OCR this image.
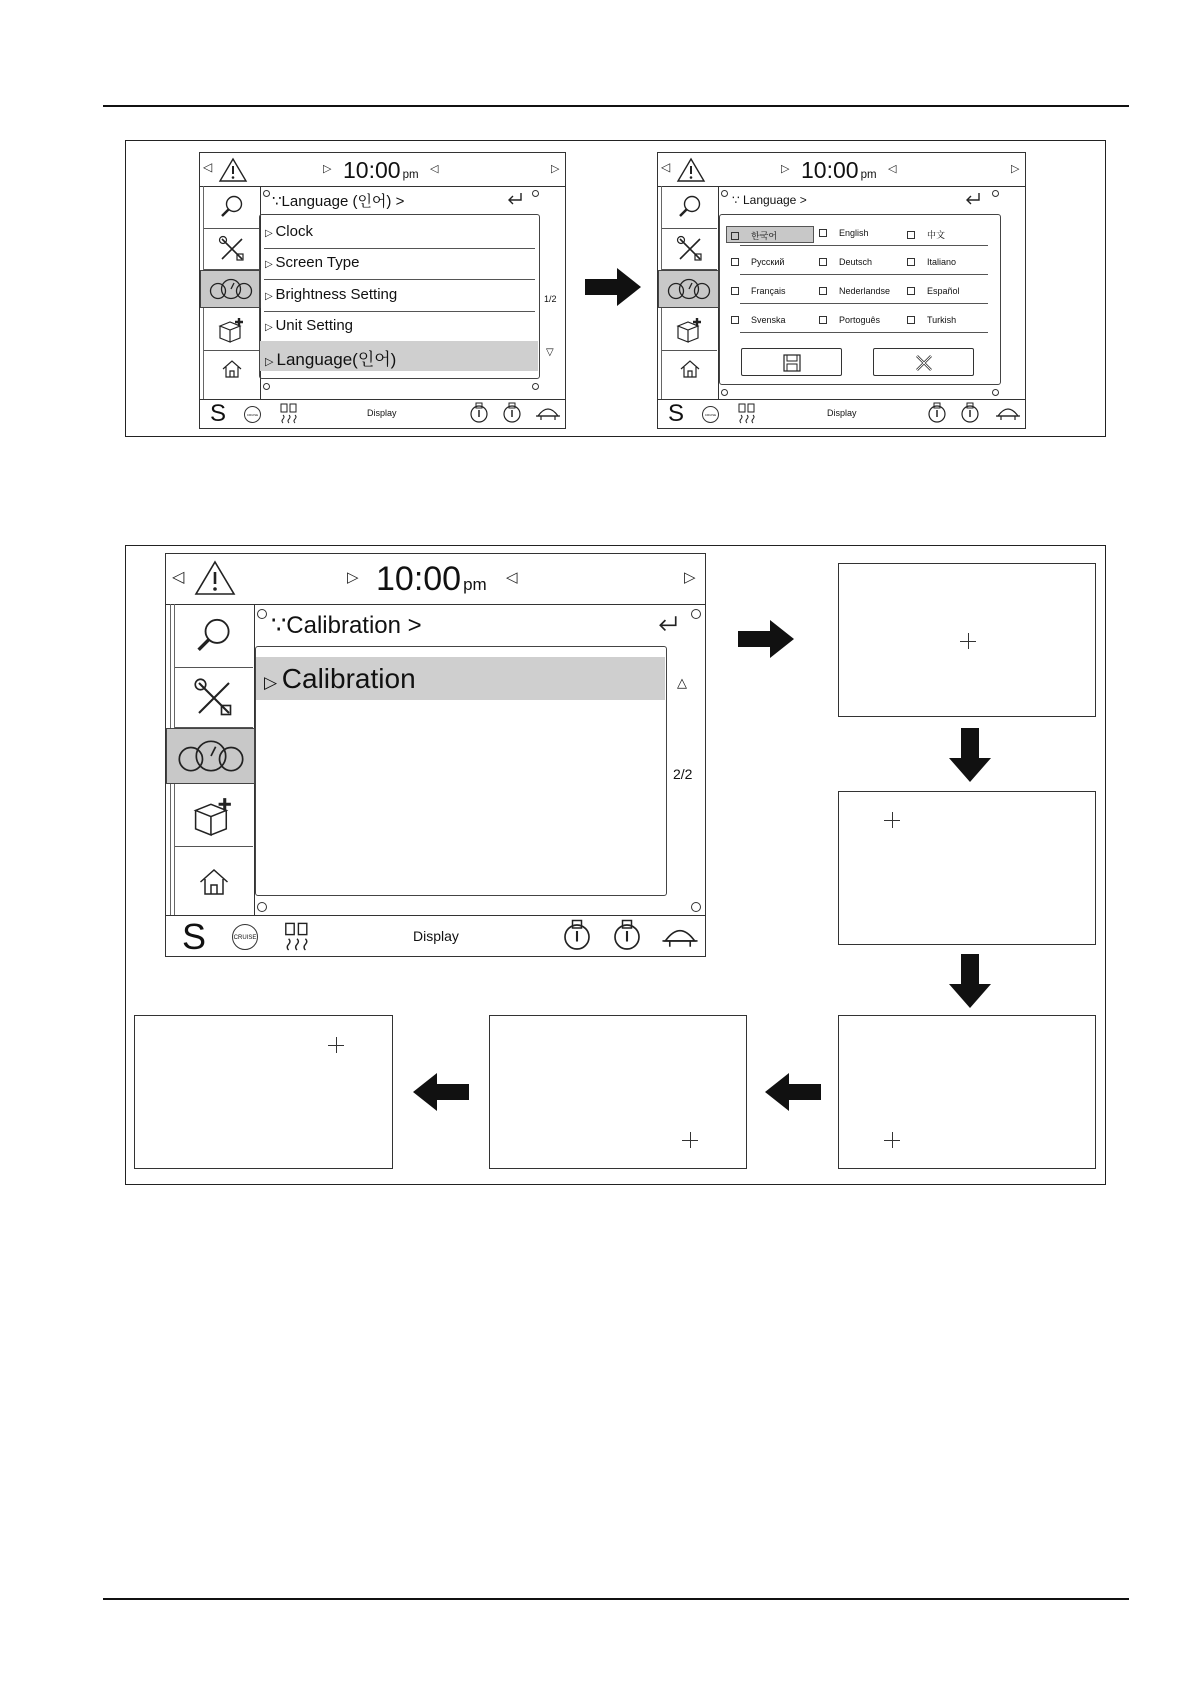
◁	▷ 10:00 pm ◁	▷
∵Language (인어) >
▷ Clock
▷ Screen Type
▷ Brightness Setting
▷ Unit Setting
▷ Language(인어)
1/2
▽
S	CRUISE	Display
◁	▷ 10:00 pm ◁	▷
∵ Language >
한국어	English	中文
Русский	Deutsch	Italiano
Français	Nederlandse	Español
Svenska	Portoguês	Turkish
S	CRUISE	Display
◁	▷ 10:00 pm ◁	▷
∵Calibration >
▷ Calibration	△
2/2
S	CRUISE	Display
